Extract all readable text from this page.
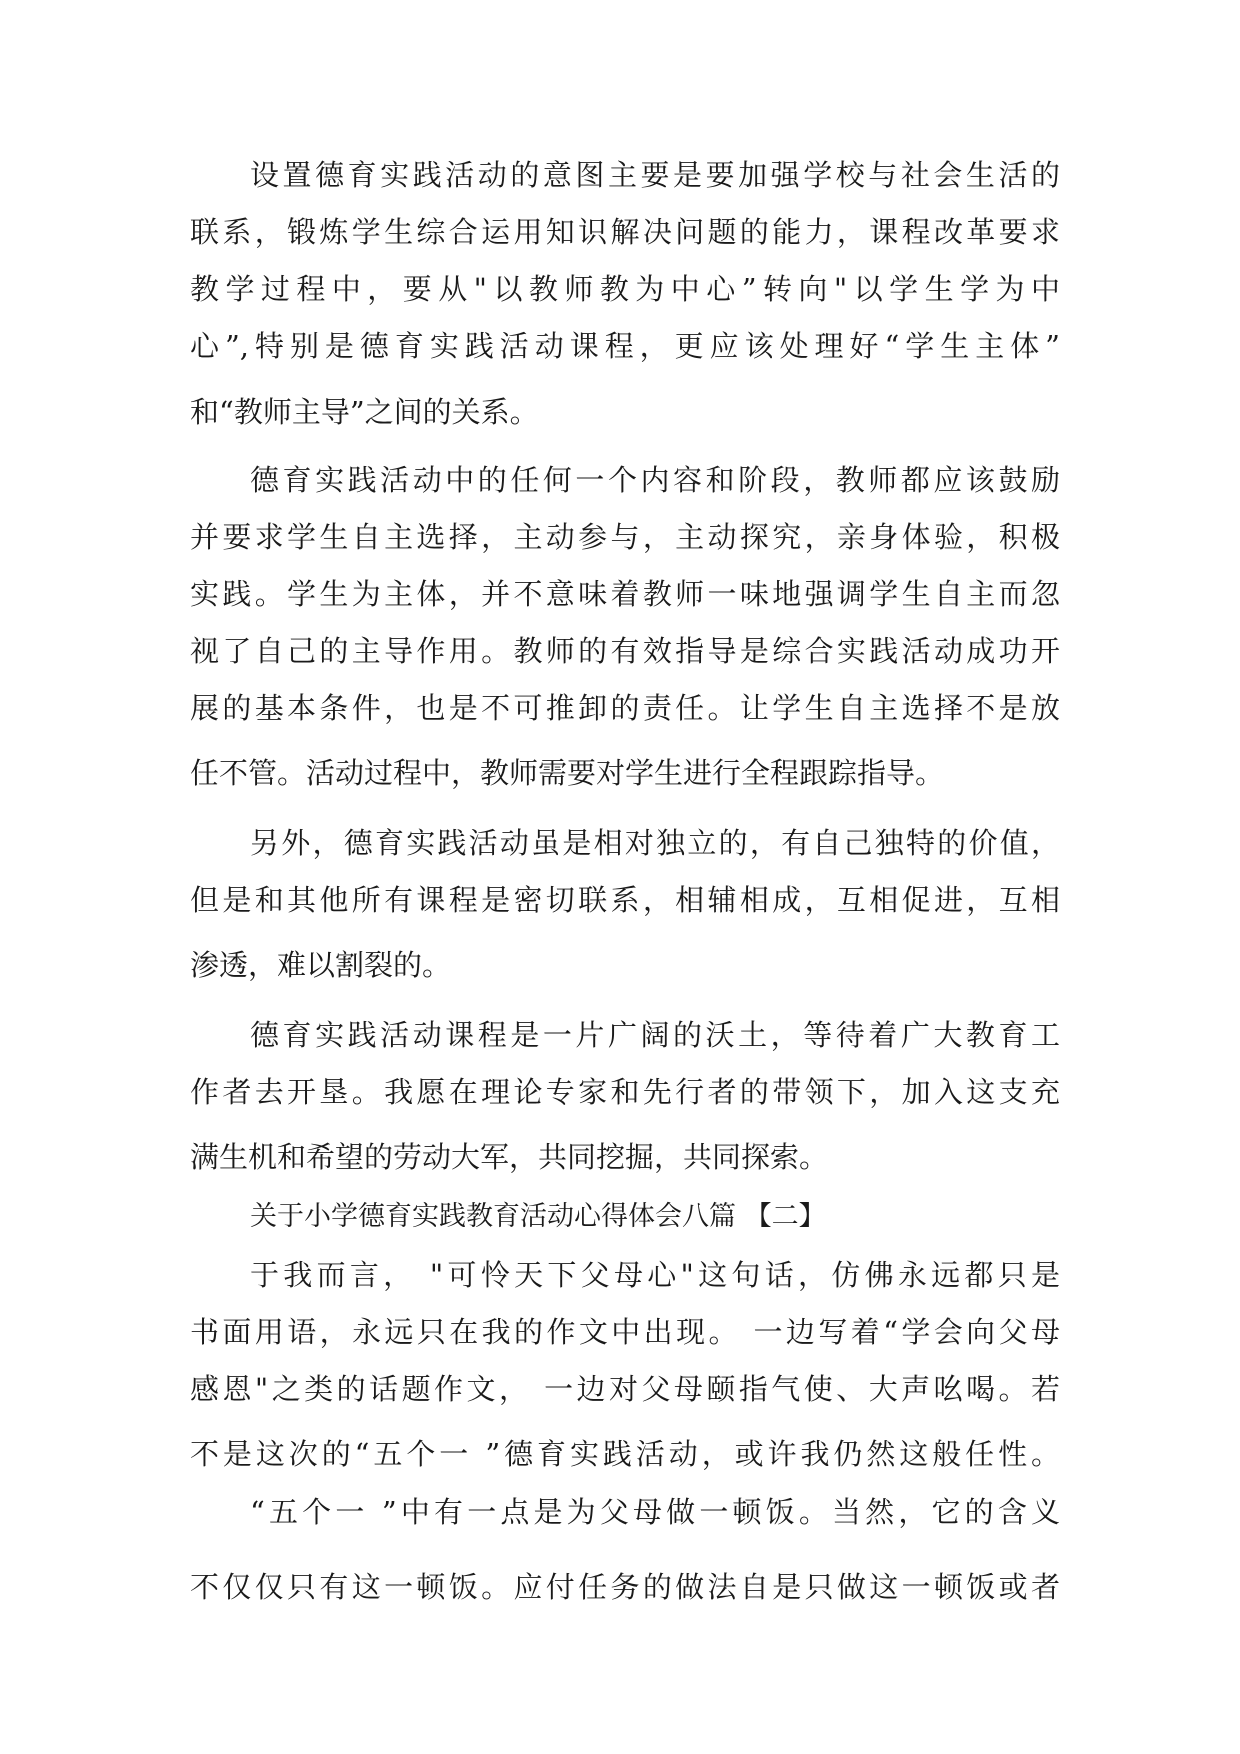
设置德育实践活动的意图主要是要加强学校与社会生活的
联系，锻炼学生综合运用知识解决问题的能力，课程改革要求
教学过程中，要从"以教师教为中心”转向"以学生学为中
心”,特别是德育实践活动课程，更应该处理好“学生主体”
和“教师主导”之间的关系。
德育实践活动中的任何一个内容和阶段，教师都应该鼓励
并要求学生自主选择，主动参与，主动探究，亲身体验，积极
实践。学生为主体，并不意味着教师一味地强调学生自主而忽
视了自己的主导作用。教师的有效指导是综合实践活动成功开
展的基本条件，也是不可推卸的责任。让学生自主选择不是放
任不管。活动过程中，教师需要对学生进行全程跟踪指导。
另外，德育实践活动虽是相对独立的，有自己独特的价值，
但是和其他所有课程是密切联系，相辅相成，互相促进，互相
渗透，难以割裂的。
德育实践活动课程是一片广阔的沃土，等待着广大教育工
作者去开垦。我愿在理论专家和先行者的带领下，加入这支充
满生机和希望的劳动大军，共同挖掘，共同探索。
关于小学德育实践教育活动心得体会八篇 【二】
于我而言， "可怜天下父母心"这句话，仿佛永远都只是
书面用语，永远只在我的作文中出现。 一边写着“学会向父母
感恩"之类的话题作文， 一边对父母颐指气使、大声吆喝。若
不是这次的“五个一 ”德育实践活动，或许我仍然这般任性。
“五个一 ”中有一点是为父母做一顿饭。当然，它的含义
不仅仅只有这一顿饭。应付任务的做法自是只做这一顿饭或者
